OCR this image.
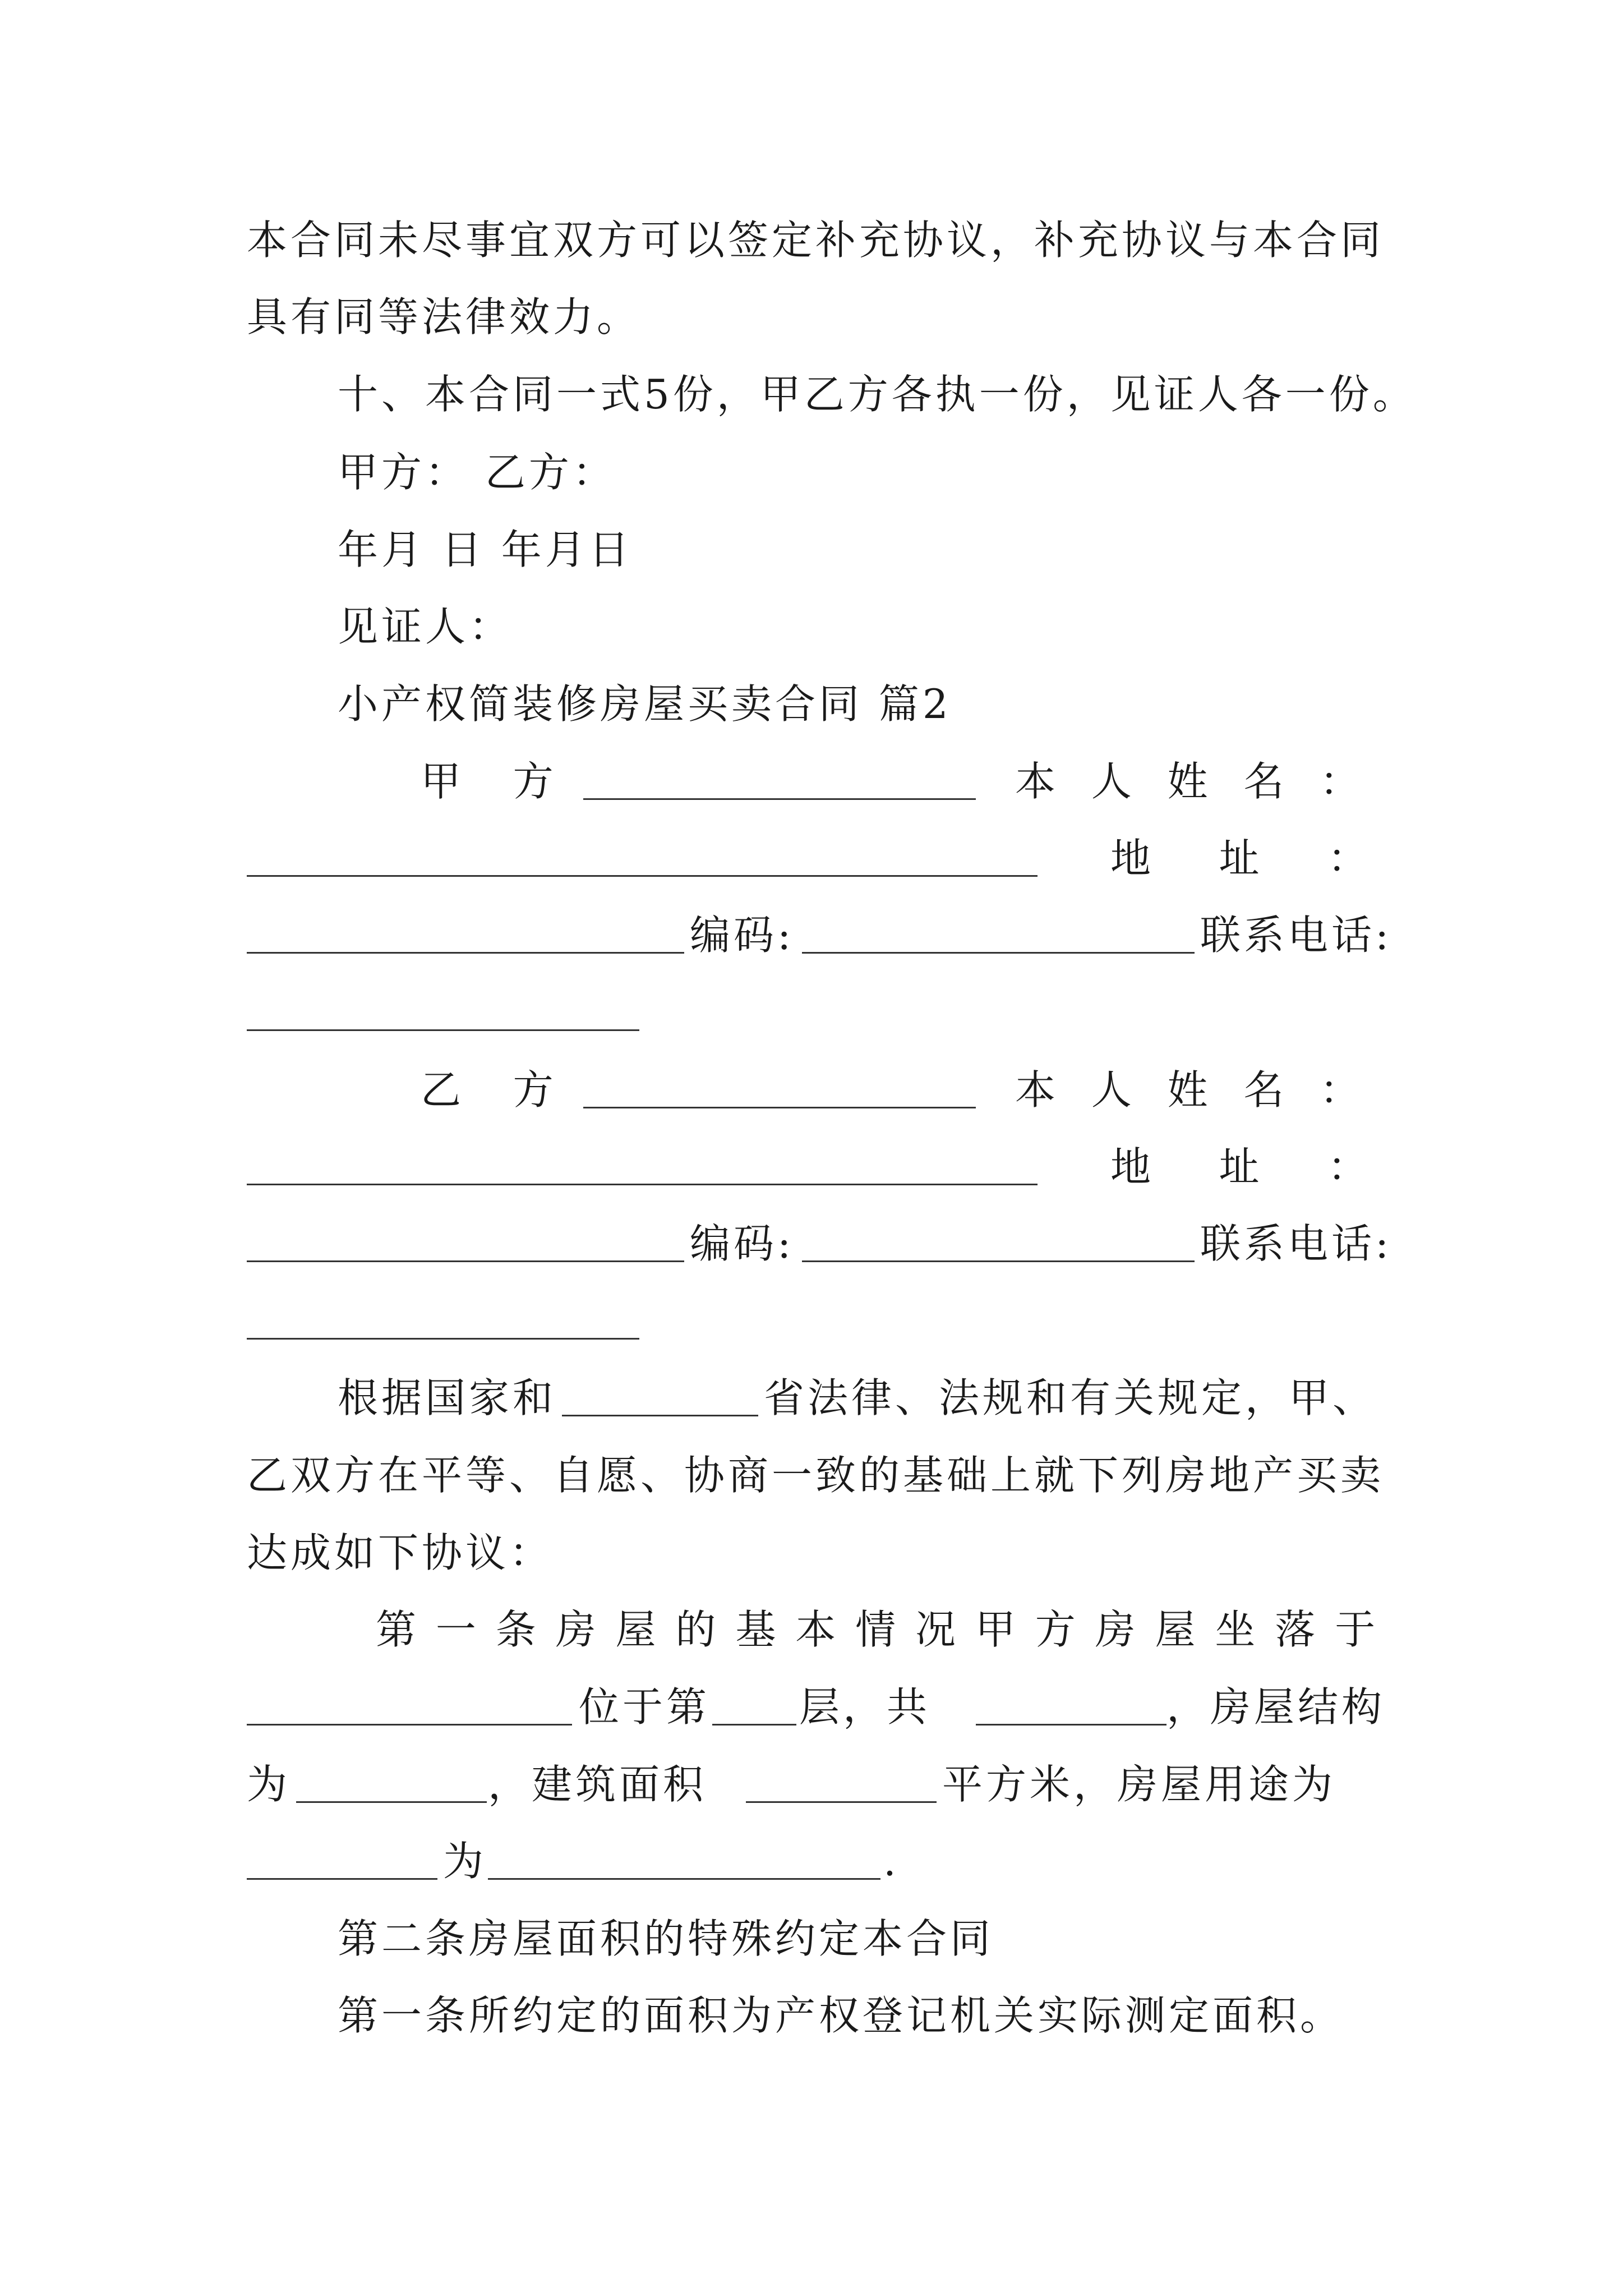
本合同未尽事宜双方可以签定补充协议，补充协议与本合同
具有同等法律效力。
十、本合同一式5份，甲乙方各执一份，见证人各一份。
甲方： 乙方：
年月 日 年月日
见证人：
小产权简装修房屋买卖合同 篇2
甲   方	本  人  姓  名  ：
地    址    ：
编码:	联系电话:
乙   方	本  人  姓  名  ：
地    址    ：
编码:	联系电话:
根据国家和	省法律、法规和有关规定，甲、
乙双方在平等、自愿、协商一致的基础上就下列房地产买卖
达成如下协议：
第 一 条 房 屋 的 基 本 情 况 甲 方 房 屋 坐 落 于
位于第 层，共	，房屋结构
为	，建筑面积	平方米，房屋用途为
为	.
第二条房屋面积的特殊约定本合同
第一条所约定的面积为产权登记机关实际测定面积。
